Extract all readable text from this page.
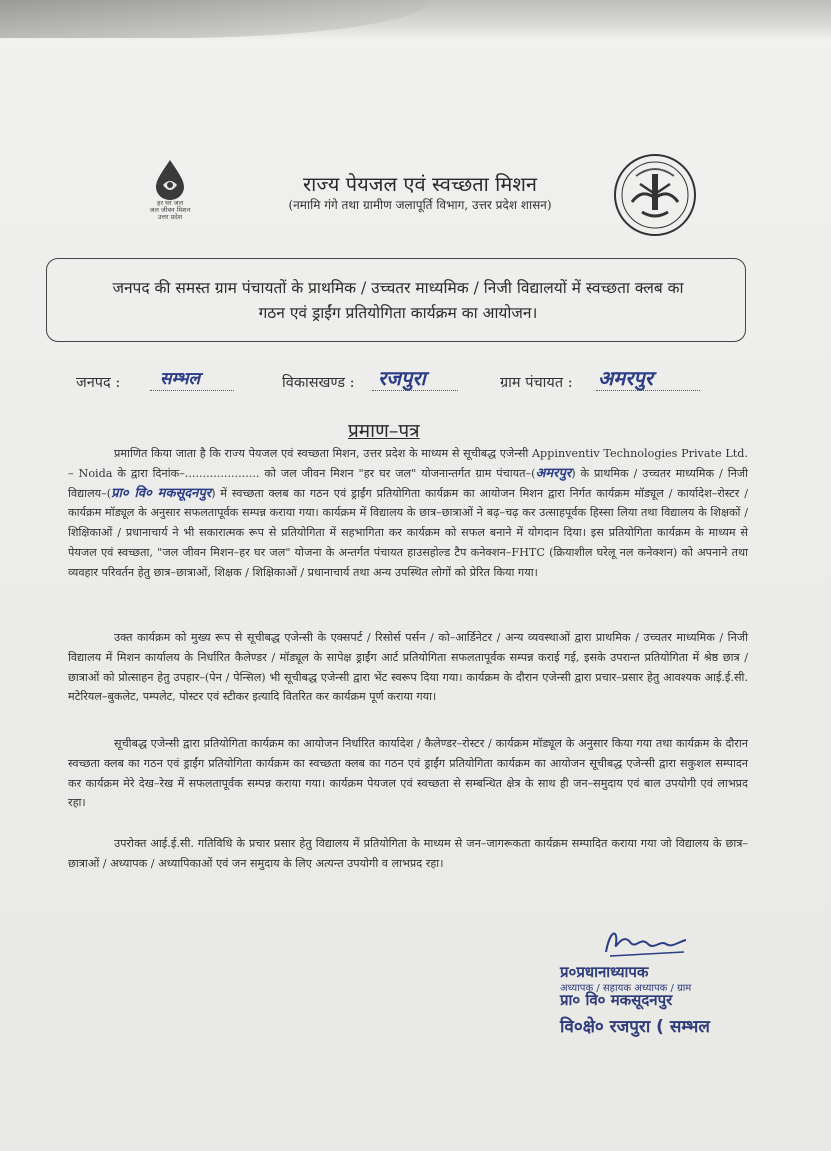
हर घर जल
जल जीवन मिशन
उत्तर प्रदेश
राज्य पेयजल एवं स्वच्छता मिशन
(नमामि गंगे तथा ग्रामीण जलापूर्ति विभाग, उत्तर प्रदेश शासन)
जनपद की समस्त ग्राम पंचायतों के प्राथमिक / उच्चतर माध्यमिक / निजी विद्यालयों में स्वच्छता क्लब का
गठन एवं ड्राईंग प्रतियोगिता कार्यक्रम का आयोजन।
जनपद : सम्भल	विकासखण्ड : रजपुरा	ग्राम पंचायत : अमरपुर
प्रमाण–पत्र
प्रमाणित किया जाता है कि राज्य पेयजल एवं स्वच्छता मिशन, उत्तर प्रदेश के माध्यम से सूचीबद्ध एजेन्सी Appinventiv Technologies Private Ltd. – Noida के द्वारा दिनांक–..................... को जल जीवन मिशन "हर घर जल" योजनान्तर्गत ग्राम पंचायत–(अमरपुर) के प्राथमिक / उच्चतर माध्यमिक / निजी विद्यालय–(प्रा० वि० मकसूदनपुर) में स्वच्छता क्लब का गठन एवं ड्राईंग प्रतियोगिता कार्यक्रम का आयोजन मिशन द्वारा निर्गत कार्यक्रम मॉड्यूल / कार्यादेश–रोस्टर / कार्यक्रम मॉड्यूल के अनुसार सफलतापूर्वक सम्पन्न कराया गया। कार्यक्रम में विद्यालय के छात्र–छात्राओं ने बढ़–चढ़ कर उत्साहपूर्वक हिस्सा लिया तथा विद्यालय के शिक्षकों / शिक्षिकाओं / प्रधानाचार्य ने भी सकारात्मक रूप से प्रतियोगिता में सहभागिता कर कार्यक्रम को सफल बनाने में योगदान दिया। इस प्रतियोगिता कार्यक्रम के माध्यम से पेयजल एवं स्वच्छता, "जल जीवन मिशन–हर घर जल" योजना के अन्तर्गत पंचायत हाउसहोल्ड टैप कनेक्शन–FHTC (क्रियाशील घरेलू नल कनेक्शन) को अपनाने तथा व्यवहार परिवर्तन हेतु छात्र–छात्राओं, शिक्षक / शिक्षिकाओं / प्रधानाचार्य तथा अन्य उपस्थित लोगों को प्रेरित किया गया।
उक्त कार्यक्रम को मुख्य रूप से सूचीबद्ध एजेन्सी के एक्सपर्ट / रिसोर्स पर्सन / को–आर्डिनेटर / अन्य व्यवस्थाओं द्वारा प्राथमिक / उच्चतर माध्यमिक / निजी विद्यालय में मिशन कार्यालय के निर्धारित कैलेण्डर / मॉड्यूल के सापेक्ष ड्राईंग आर्ट प्रतियोगिता सफलतापूर्वक सम्पन्न कराई गई, इसके उपरान्त प्रतियोगिता में श्रेष्ठ छात्र / छात्राओं को प्रोत्साहन हेतु उपहार–(पेन / पेन्सिल) भी सूचीबद्ध एजेन्सी द्वारा भेंट स्वरूप दिया गया। कार्यक्रम के दौरान एजेन्सी द्वारा प्रचार–प्रसार हेतु आवश्यक आई.ई.सी. मटेरियल–बुकलेट, पम्पलेट, पोस्टर एवं स्टीकर इत्यादि वितरित कर कार्यक्रम पूर्ण कराया गया।
सूचीबद्ध एजेन्सी द्वारा प्रतियोगिता कार्यक्रम का आयोजन निर्धारित कार्यादेश / कैलेण्डर–रोस्टर / कार्यक्रम मॉड्यूल के अनुसार किया गया तथा कार्यक्रम के दौरान स्वच्छता क्लब का गठन एवं ड्राईंग प्रतियोगिता कार्यक्रम का स्वच्छता क्लब का गठन एवं ड्राईंग प्रतियोगिता कार्यक्रम का आयोजन सूचीबद्ध एजेन्सी द्वारा सकुशल सम्पादन कर कार्यक्रम मेरे देख–रेख में सफलतापूर्वक सम्पन्न कराया गया। कार्यक्रम पेयजल एवं स्वच्छता से सम्बन्धित क्षेत्र के साथ ही जन–समुदाय एवं बाल उपयोगी एवं लाभप्रद रहा।
उपरोक्त आई.ई.सी. गतिविधि के प्रचार प्रसार हेतु विद्यालय में प्रतियोगिता के माध्यम से जन–जागरूकता कार्यक्रम सम्पादित कराया गया जो विद्यालय के छात्र–छात्राओं / अध्यापक / अध्यापिकाओं एवं जन समुदाय के लिए अत्यन्त उपयोगी व लाभप्रद रहा।
प्र०प्रधानाध्यापक
अध्यापक / सहायक अध्यापक / ग्राम
प्रा० वि० मकसूदनपुर
वि०क्षे० रजपुरा ( सम्भल
